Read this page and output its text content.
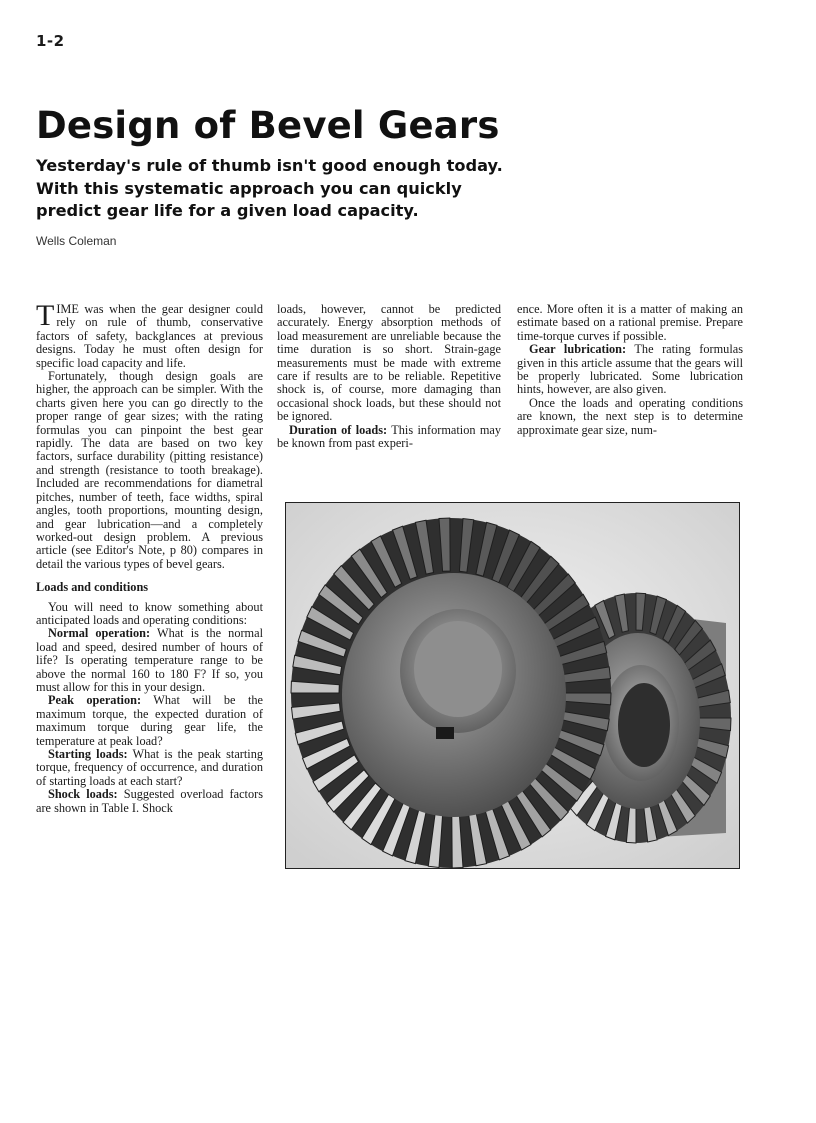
1-2
Design of Bevel Gears

Yesterday's rule of thumb isn't good enough today. With this systematic approach you can quickly predict gear life for a given load capacity.

Wells Coleman

TIME was when the gear designer could rely on rule of thumb, conservative factors of safety, backglances at previous designs. Today he must often design for specific load capacity and life.

Fortunately, though design goals are higher, the approach can be simpler. With the charts given here you can go directly to the proper range of gear sizes; with the rating formulas you can pinpoint the best gear rapidly. The data are based on two key factors, surface durability (pitting resistance) and strength (resistance to tooth breakage). Included are recommendations for diametral pitches, number of teeth, face widths, spiral angles, tooth proportions, mounting design, and gear lubrication—and a completely worked-out design problem. A previous article (see Editor's Note, p 80) compares in detail the various types of bevel gears.

Loads and conditions

You will need to know something about anticipated loads and operating conditions:

Normal operation: What is the normal load and speed, desired number of hours of life? Is operating temperature range to be above the normal 160 to 180 F? If so, you must allow for this in your design.

Peak operation: What will be the maximum torque, the expected duration of maximum torque during gear life, the temperature at peak load?

Starting loads: What is the peak starting torque, frequency of occurrence, and duration of starting loads at each start?

Shock loads: Suggested overload factors are shown in Table I. Shock

loads, however, cannot be predicted accurately. Energy absorption methods of load measurement are unreliable because the time duration is so short. Strain-gage measurements must be made with extreme care if results are to be reliable. Repetitive shock is, of course, more damaging than occasional shock loads, but these should not be ignored.

Duration of loads: This information may be known from past experi-

ence. More often it is a matter of making an estimate based on a rational premise. Prepare time-torque curves if possible.

Gear lubrication: The rating formulas given in this article assume that the gears will be properly lubricated. Some lubrication hints, however, are also given.

Once the loads and operating conditions are known, the next step is to determine approximate gear size, num-
